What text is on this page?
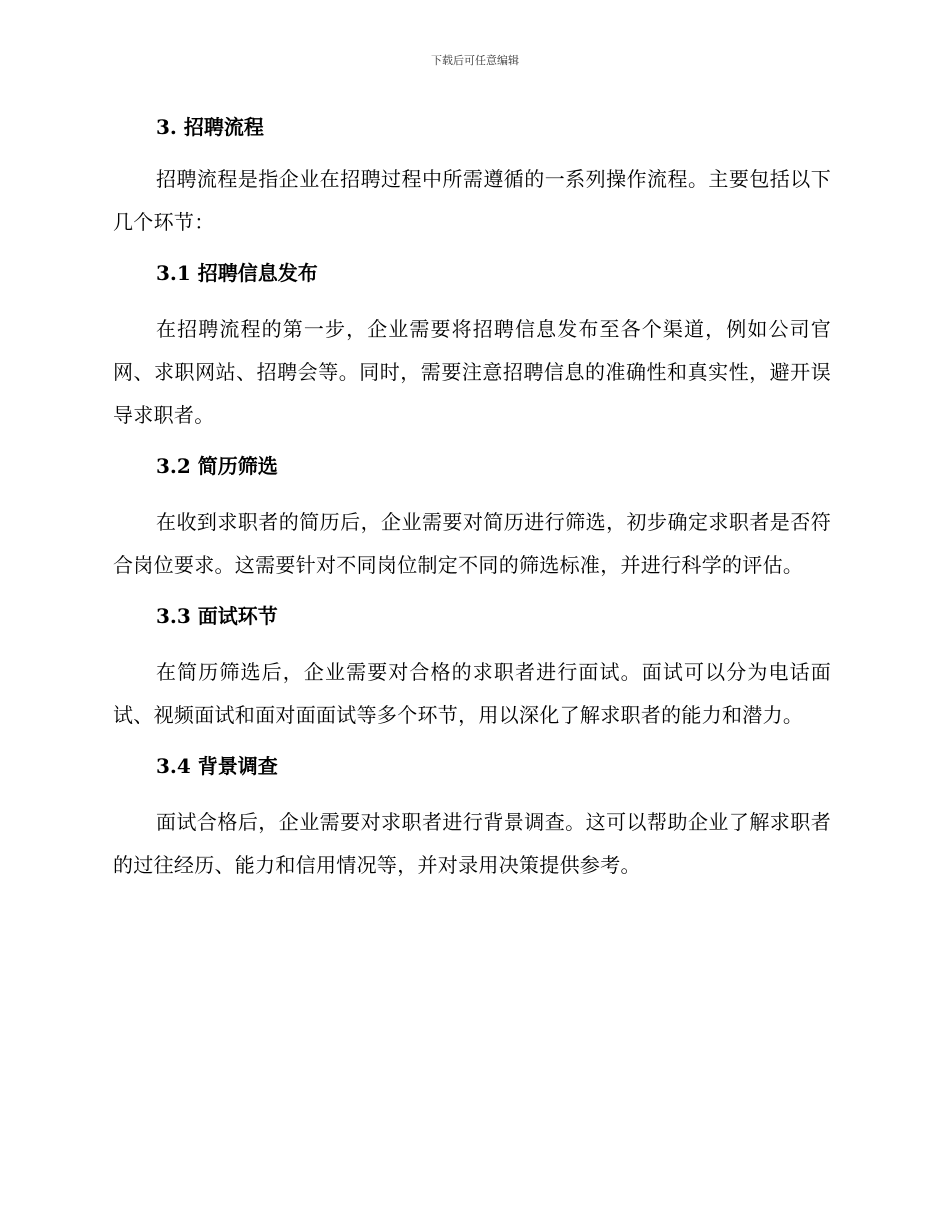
下载后可任意编辑
3. 招聘流程

招聘流程是指企业在招聘过程中所需遵循的一系列操作流程。主要包括以下几个环节：

3.1 招聘信息发布

在招聘流程的第一步，企业需要将招聘信息发布至各个渠道，例如公司官网、求职网站、招聘会等。同时，需要注意招聘信息的准确性和真实性，避开误导求职者。

3.2 简历筛选

在收到求职者的简历后，企业需要对简历进行筛选，初步确定求职者是否符合岗位要求。这需要针对不同岗位制定不同的筛选标准，并进行科学的评估。

3.3 面试环节

在简历筛选后，企业需要对合格的求职者进行面试。面试可以分为电话面试、视频面试和面对面面试等多个环节，用以深化了解求职者的能力和潜力。

3.4 背景调查

面试合格后，企业需要对求职者进行背景调查。这可以帮助企业了解求职者的过往经历、能力和信用情况等，并对录用决策提供参考。
